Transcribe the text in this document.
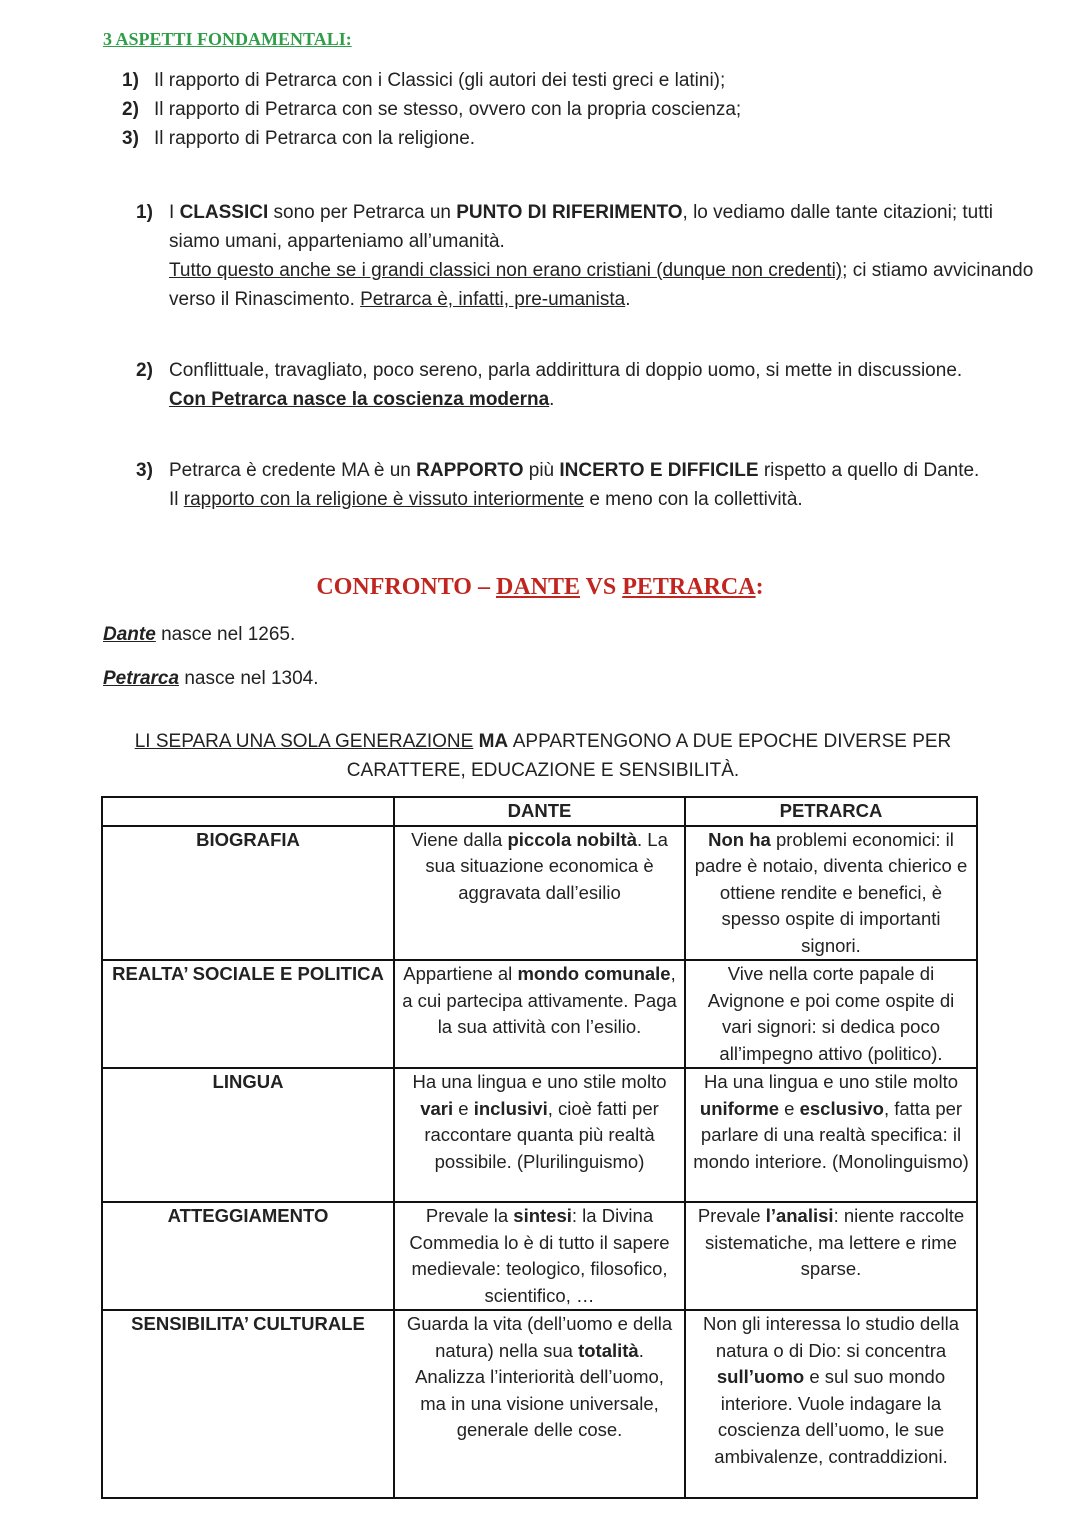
3 ASPETTI FONDAMENTALI:
1) Il rapporto di Petrarca con i Classici (gli autori dei testi greci e latini);
2) Il rapporto di Petrarca con se stesso, ovvero con la propria coscienza;
3) Il rapporto di Petrarca con la religione.
1) I CLASSICI sono per Petrarca un PUNTO DI RIFERIMENTO, lo vediamo dalle tante citazioni; tutti siamo umani, apparteniamo all’umanità.
Tutto questo anche se i grandi classici non erano cristiani (dunque non credenti); ci stiamo avvicinando verso il Rinascimento. Petrarca è, infatti, pre-umanista.
2) Conflittuale, travagliato, poco sereno, parla addirittura di doppio uomo, si mette in discussione.
Con Petrarca nasce la coscienza moderna.
3) Petrarca è credente MA è un RAPPORTO più INCERTO E DIFFICILE rispetto a quello di Dante.
Il rapporto con la religione è vissuto interiormente e meno con la collettività.
CONFRONTO – DANTE VS PETRARCA:
Dante nasce nel 1265.
Petrarca nasce nel 1304.
LI SEPARA UNA SOLA GENERAZIONE MA APPARTENGONO A DUE EPOCHE DIVERSE PER CARATTERE, EDUCAZIONE E SENSIBILITÀ.
	DANTE	PETRARCA
BIOGRAFIA	Viene dalla piccola nobiltà. La sua situazione economica è aggravata dall’esilio	Non ha problemi economici: il padre è notaio, diventa chierico e ottiene rendite e benefici, è spesso ospite di importanti signori.
REALTA’ SOCIALE E POLITICA	Appartiene al mondo comunale, a cui partecipa attivamente. Paga la sua attività con l’esilio.	Vive nella corte papale di Avignone e poi come ospite di vari signori: si dedica poco all’impegno attivo (politico).
LINGUA	Ha una lingua e uno stile molto vari e inclusivi, cioè fatti per raccontare quanta più realtà possibile. (Plurilinguismo)	Ha una lingua e uno stile molto uniforme e esclusivo, fatta per parlare di una realtà specifica: il mondo interiore. (Monolinguismo)
ATTEGGIAMENTO	Prevale la sintesi: la Divina Commedia lo è di tutto il sapere medievale: teologico, filosofico, scientifico, …	Prevale l’analisi: niente raccolte sistematiche, ma lettere e rime sparse.
SENSIBILITA’ CULTURALE	Guarda la vita (dell’uomo e della natura) nella sua totalità. Analizza l’interiorità dell’uomo, ma in una visione universale, generale delle cose.	Non gli interessa lo studio della natura o di Dio: si concentra sull’uomo e sul suo mondo interiore. Vuole indagare la coscienza dell’uomo, le sue ambivalenze, contraddizioni.
